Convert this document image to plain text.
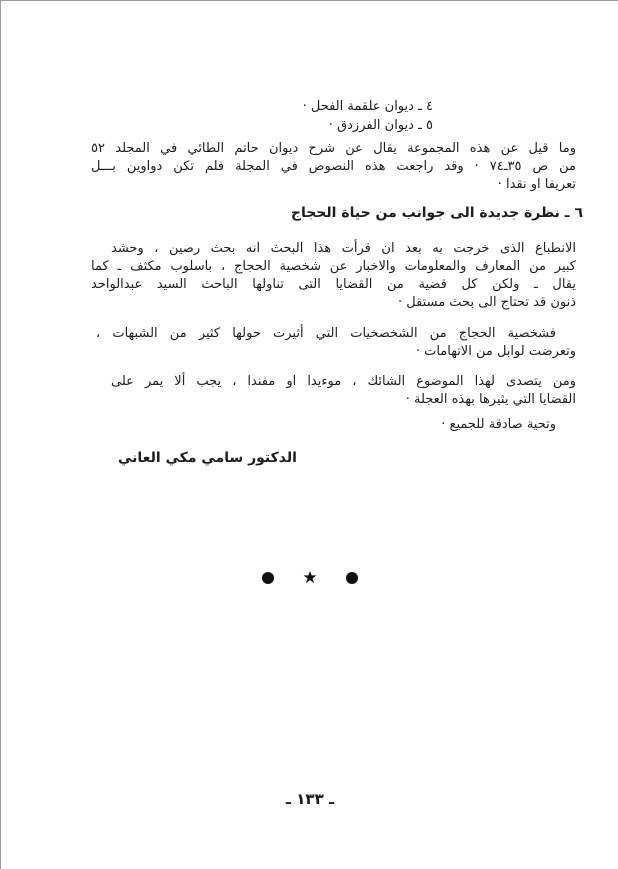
٤ ـ ديوان علقمة الفحل ·
٥ ـ ديوان الفرزدق ·
وما قيل عن هذه المجموعة يقال عن شرح ديوان حاتم الطائي في المجلد ٥٢
من ص ٣٥ـ٧٤ · وقد راجعت هذه النصوص في المجلة فلم تكن دواوين بـــل
تعريفا او نقدا ·
٦ ـ نظرة جديدة الى جوانب من حياة الحجاج
الانطباع الذى خرجت به بعد ان قرأت هذا البحث انه بحث رصين ، وحشد
كبير من المعارف والمعلومات والاخبار عن شخصية الحجاج ، باسلوب مكثف ـ كما
يقال ـ ولكن كل قضية من القضايا التى تناولها الباحث السيد عبدالواحد
ذنون قد تحتاج الى بحث مستقل ·
فشخصية الحجاج من الشخصخيات التي أثيرت حولها كثير من الشبهات ،
وتعرضت لوابل من الاتهامات ·
ومن يتصدى لهذا الموضوع الشائك ، موءيدا او مفندا ، يجب ألا يمر على
القضايا التي يثيرها بهذه العجلة ·
وتحية صادقة للجميع ·
الدكتور سامي مكي العاني
★
ـ ١٣٣ ـ
